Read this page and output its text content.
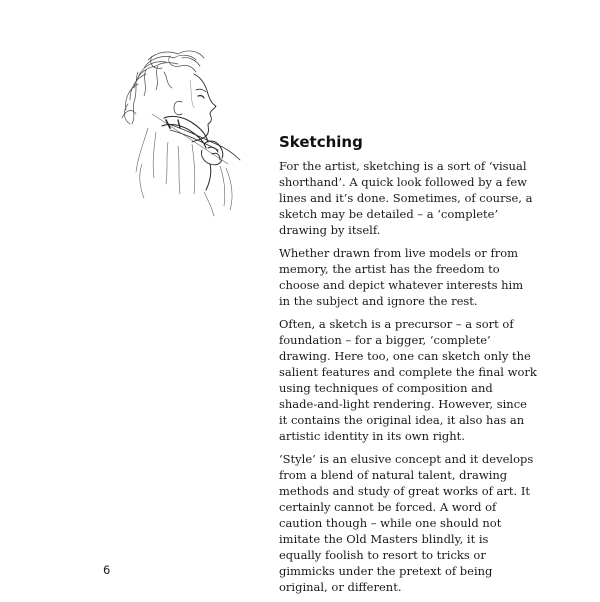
Sketching

For the artist, sketching is a sort of ‘visual
shorthand’. A quick look followed by a few
lines and it’s done. Sometimes, of course, a
sketch may be detailed – a ‘complete’
drawing by itself.

Whether drawn from live models or from
memory, the artist has the freedom to
choose and depict whatever interests him
in the subject and ignore the rest.

Often, a sketch is a precursor – a sort of
foundation – for a bigger, ‘complete’
drawing. Here too, one can sketch only the
salient features and complete the final work
using techniques of composition and
shade-and-light rendering. However, since
it contains the original idea, it also has an
artistic identity in its own right.

‘Style’ is an elusive concept and it develops
from a blend of natural talent, drawing
methods and study of great works of art. It
certainly cannot be forced. A word of
caution though – while one should not
imitate the Old Masters blindly, it is
equally foolish to resort to tricks or
gimmicks under the pretext of being
original, or different.

6
